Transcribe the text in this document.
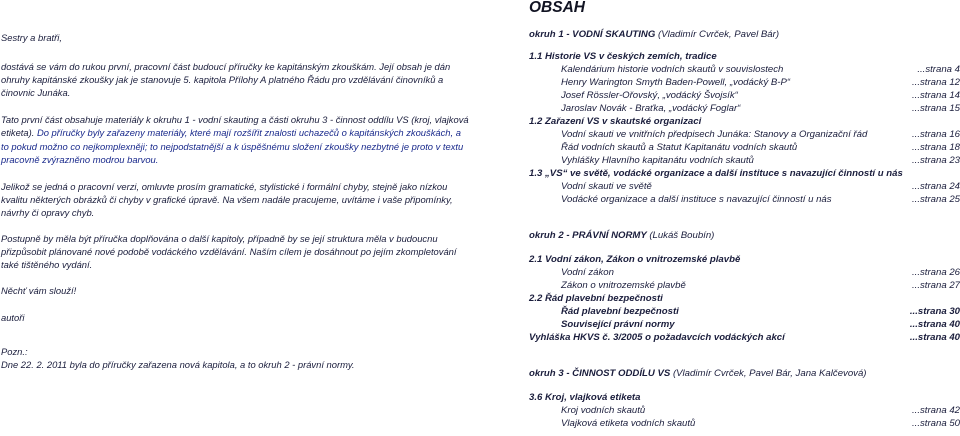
Sestry a bratři,

dostává se vám do rukou první, pracovní část budoucí příručky ke kapitánským zkouškám. Její obsah je dán ohruhy kapitánské zkoušky jak je stanovuje 5. kapitola Přílohy A platného Řádu pro vzdělávání činovníků a činovnic Junáka.

Tato první část obsahuje materiály k okruhu 1 - vodní skauting a části okruhu 3 - činnost oddílu VS (kroj, vlajková etiketa). Do příručky byly zařazeny materiály, které mají rozšířit znalosti uchazečů o kapitánských zkouškách, a to pokud možno co nejkomplexněji; to nejpodstatnější a k úspěšnému složení zkoušky nezbytné je proto v textu pracovně zvýrazněno modrou barvou.

Jelikož se jedná o pracovní verzi, omluvte prosím gramatické, stylistické i formální chyby, stejně jako nízkou kvalitu některých obrázků či chyby v grafické úpravě. Na všem nadále pracujeme, uvítáme i vaše připomínky, návrhy či opravy chyb.

Postupně by měla být příručka doplňována o další kapitoly, případně by se její struktura měla v budoucnu přizpůsobit plánované nové podobě vodáckého vzdělávání. Naším cílem je dosáhnout po jejím zkompletování také tištěného vydání.

Něchť vám slouží!

autoři

Pozn.:

Dne 22. 2. 2011 byla do příručky zařazena nová kapitola, a to okruh 2 - právní normy.

OBSAH

okruh 1 - VODNÍ SKAUTING (Vladimír Cvrček, Pavel Bár)

1.1 Historie VS v českých zemích, tradice

Kalendárium historie vodních skautů v souvislostech	...strana 4

Henry Warington Smyth Baden-Powell, „vodácký B-P“	...strana 12

Josef Rössler-Ořovský, „vodácký Švojsík“	...strana 14

Jaroslav Novák - Braťka, „vodácký Foglar“	...strana 15

1.2 Zařazení VS v skautské organizaci

Vodní skauti ve vnitřních předpisech Junáka: Stanovy a Organizační řád	...strana 16

Řád vodních skautů a Statut Kapitanátu vodních skautů	...strana 18

Vyhlášky Hlavního kapitanátu vodních skautů	...strana 23

1.3 „VS“ ve světě, vodácké organizace a další instituce s navazující činností u nás

Vodní skauti ve světě	...strana 24

Vodácké organizace a další instituce s navazující činností u nás	...strana 25

okruh 2 - PRÁVNÍ NORMY (Lukáš Boubín)

2.1 Vodní zákon, Zákon o vnitrozemské plavbě

Vodní zákon	...strana 26

Zákon o vnitrozemské plavbě	...strana 27

2.2 Řád plavební bezpečnosti

Řád plavební bezpečnosti	...strana 30

Související právní normy	...strana 40

Vyhláška HKVS č. 3/2005 o požadavcích vodáckých akcí	...strana 40

okruh 3 - ČINNOST ODDÍLU VS (Vladimír Cvrček, Pavel Bár, Jana Kalčevová)

3.6 Kroj, vlajková etiketa

Kroj vodních skautů	...strana 42

Vlajková etiketa vodních skautů	...strana 50
